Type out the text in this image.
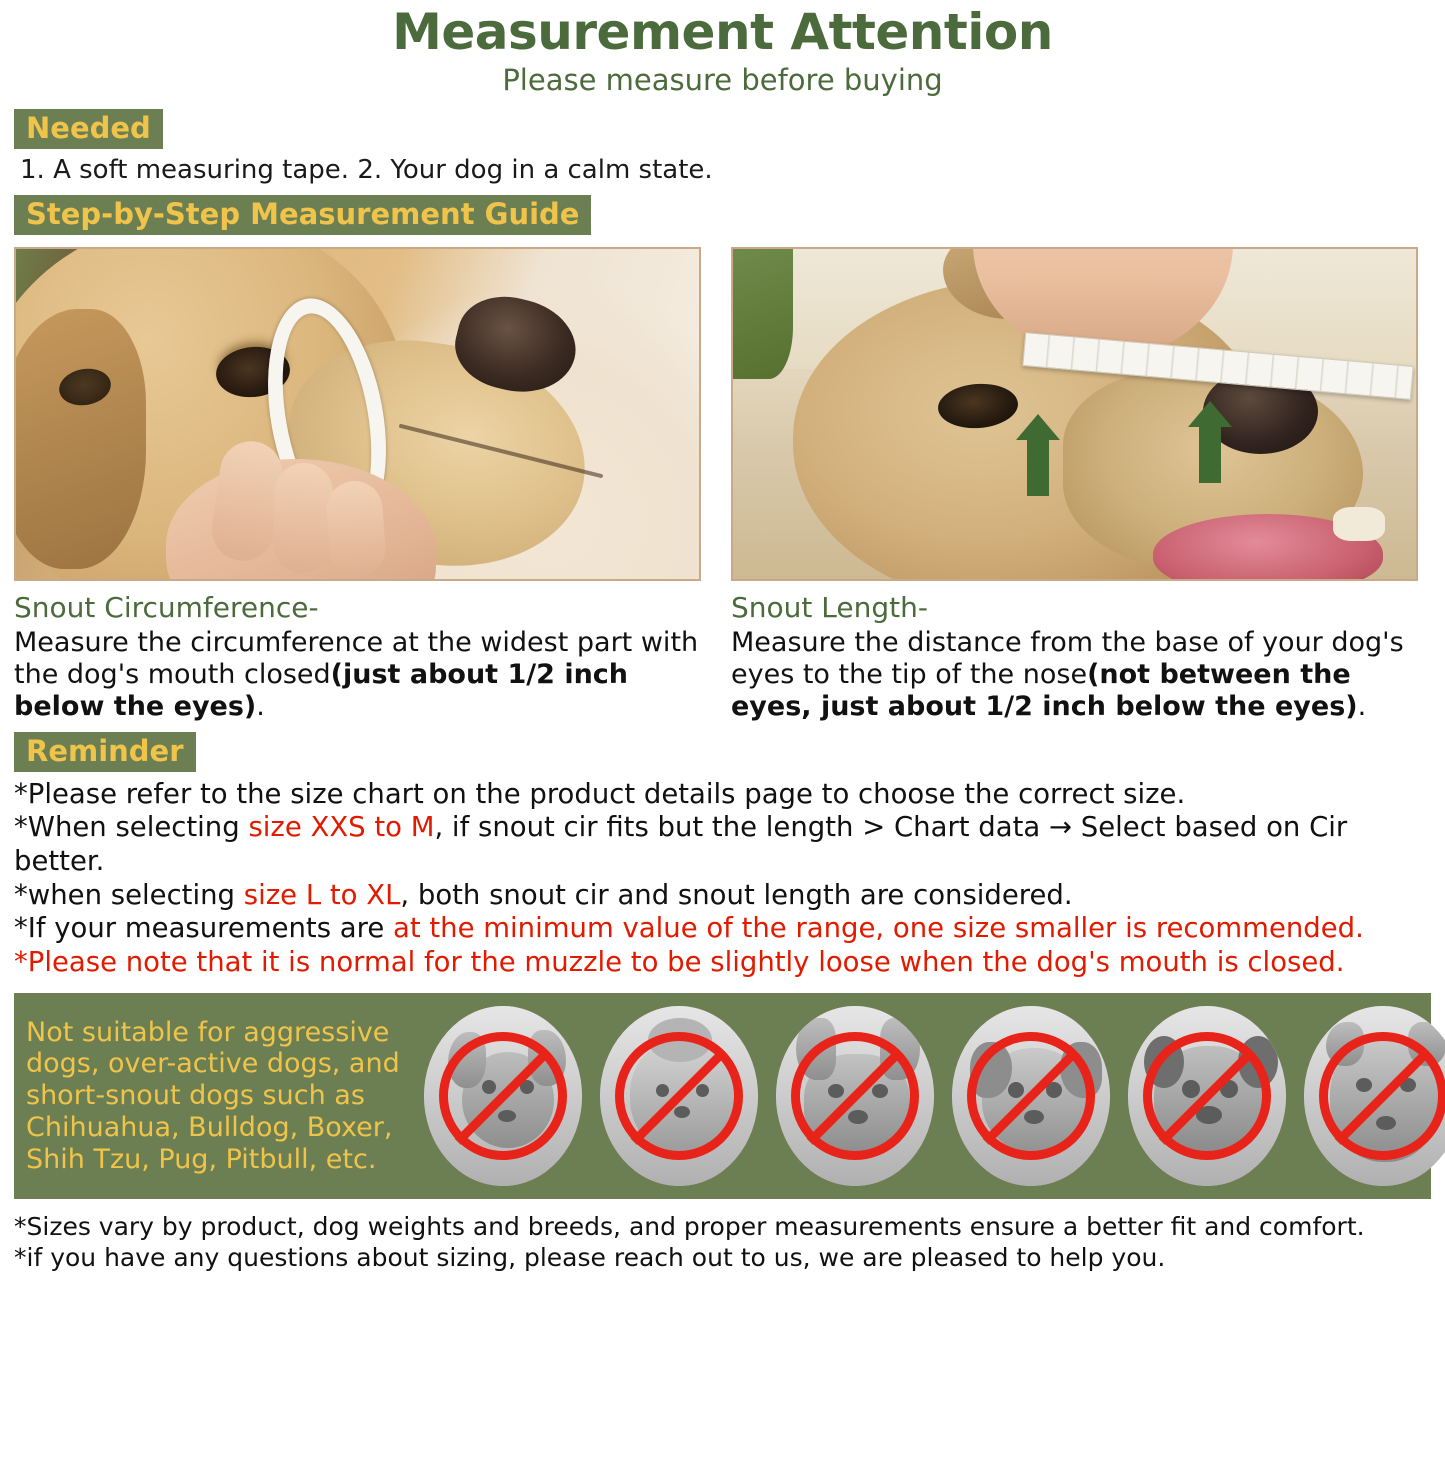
Measurement Attention
Please measure before buying
Needed
1. A soft measuring tape. 2. Your dog in a calm state.
Step-by-Step Measurement Guide
Snout Circumference-
Measure the circumference at the widest part with the dog's mouth closed(just about 1/2 inch below the eyes).
Snout Length-
Measure the distance from the base of your dog's eyes to the tip of the nose(not between the eyes, just about 1/2 inch below the eyes).
Reminder

*Please refer to the size chart on the product details page to choose the correct size.

*When selecting size XXS to M, if snout cir fits but the length > Chart data → Select based on Cir better.

*when selecting size L to XL, both snout cir and snout length are considered.

*If your measurements are at the minimum value of the range, one size smaller is recommended.

*Please note that it is normal for the muzzle to be slightly loose when the dog's mouth is closed.

Not suitable for aggressive dogs, over-active dogs, and short-snout dogs such as Chihuahua, Bulldog, Boxer, Shih Tzu, Pug, Pitbull, etc.

*Sizes vary by product, dog weights and breeds, and proper measurements ensure a better fit and comfort.

*if you have any questions about sizing, please reach out to us, we are pleased to help you.
